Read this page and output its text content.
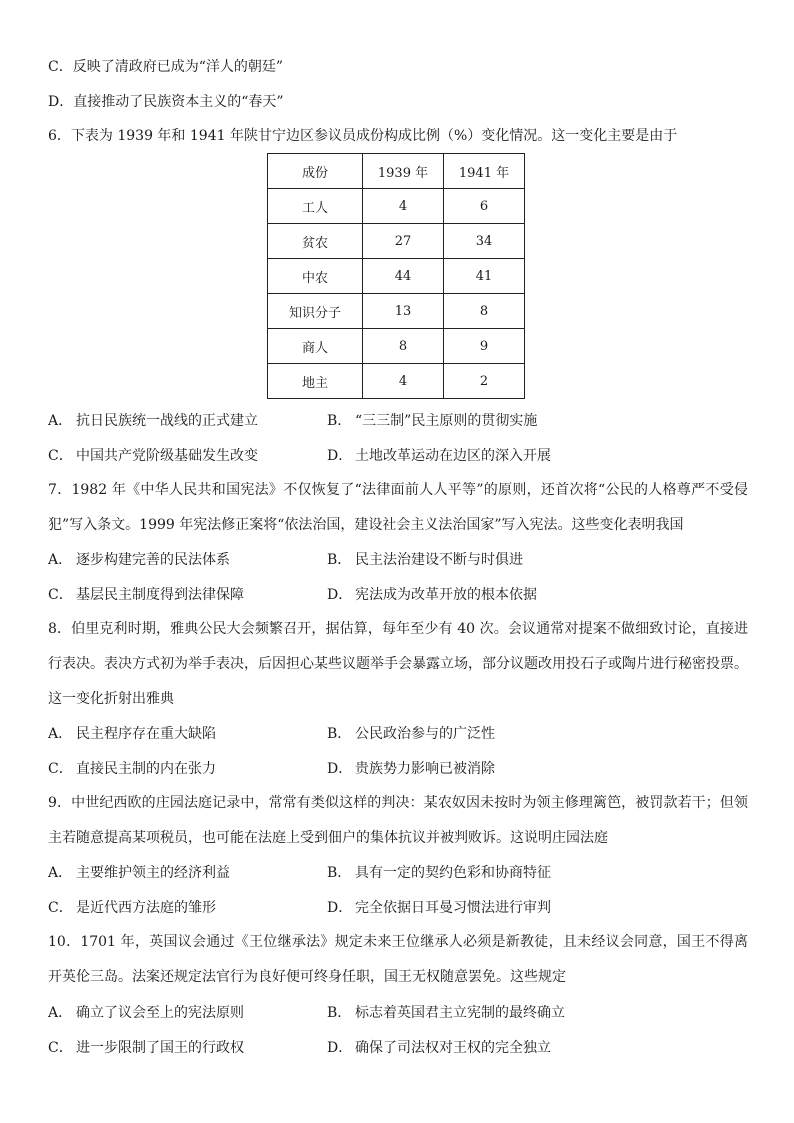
C．反映了清政府已成为“洋人的朝廷”
D．直接推动了民族资本主义的“春天”
6．下表为 1939 年和 1941 年陕甘宁边区参议员成份构成比例（%）变化情况。这一变化主要是由于
成份	1939 年	1941 年
工人	4	6
贫农	27	34
中农	44	41
知识分子	13	8
商人	8	9
地主	4	2
A． 抗日民族统一战线的正式建立	B． “三三制”民主原则的贯彻实施
C． 中国共产党阶级基础发生改变	D． 土地改革运动在边区的深入开展
7．1982 年《中华人民共和国宪法》不仅恢复了“法律面前人人平等”的原则，还首次将“公民的人格尊严不受侵犯”写入条文。1999 年宪法修正案将“依法治国，建设社会主义法治国家”写入宪法。这些变化表明我国
A． 逐步构建完善的民法体系	B． 民主法治建设不断与时俱进
C． 基层民主制度得到法律保障	D． 宪法成为改革开放的根本依据
8．伯里克利时期，雅典公民大会频繁召开，据估算，每年至少有 40 次。会议通常对提案不做细致讨论，直接进行表决。表决方式初为举手表决，后因担心某些议题举手会暴露立场，部分议题改用投石子或陶片进行秘密投票。这一变化折射出雅典
A． 民主程序存在重大缺陷	B． 公民政治参与的广泛性
C． 直接民主制的内在张力	D． 贵族势力影响已被消除
9．中世纪西欧的庄园法庭记录中，常常有类似这样的判决：某农奴因未按时为领主修理篱笆，被罚款若干；但领主若随意提高某项税员，也可能在法庭上受到佃户的集体抗议并被判败诉。这说明庄园法庭
A． 主要维护领主的经济利益	B． 具有一定的契约色彩和协商特征
C． 是近代西方法庭的雏形	D． 完全依据日耳曼习惯法进行审判
10．1701 年，英国议会通过《王位继承法》规定未来王位继承人必须是新教徒，且未经议会同意，国王不得离开英伦三岛。法案还规定法官行为良好便可终身任职，国王无权随意罢免。这些规定
A． 确立了议会至上的宪法原则	B． 标志着英国君主立宪制的最终确立
C． 进一步限制了国王的行政权	D． 确保了司法权对王权的完全独立
